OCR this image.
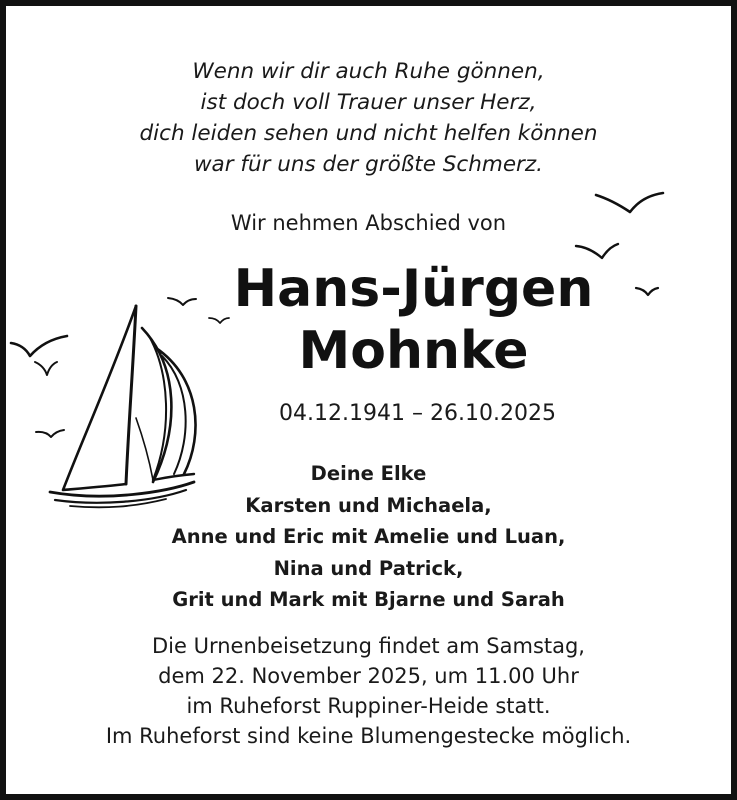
Wenn wir dir auch Ruhe gönnen,
ist doch voll Trauer unser Herz,
dich leiden sehen und nicht helfen können
war für uns der größte Schmerz.
Wir nehmen Abschied von
Hans-Jürgen
Mohnke
04.12.1941 – 26.10.2025
Deine Elke
Karsten und Michaela,
Anne und Eric mit Amelie und Luan,
Nina und Patrick,
Grit und Mark mit Bjarne und Sarah
Die Urnenbeisetzung findet am Samstag,
dem 22. November 2025, um 11.00 Uhr
im Ruheforst Ruppiner-Heide statt.
Im Ruheforst sind keine Blumengestecke möglich.
